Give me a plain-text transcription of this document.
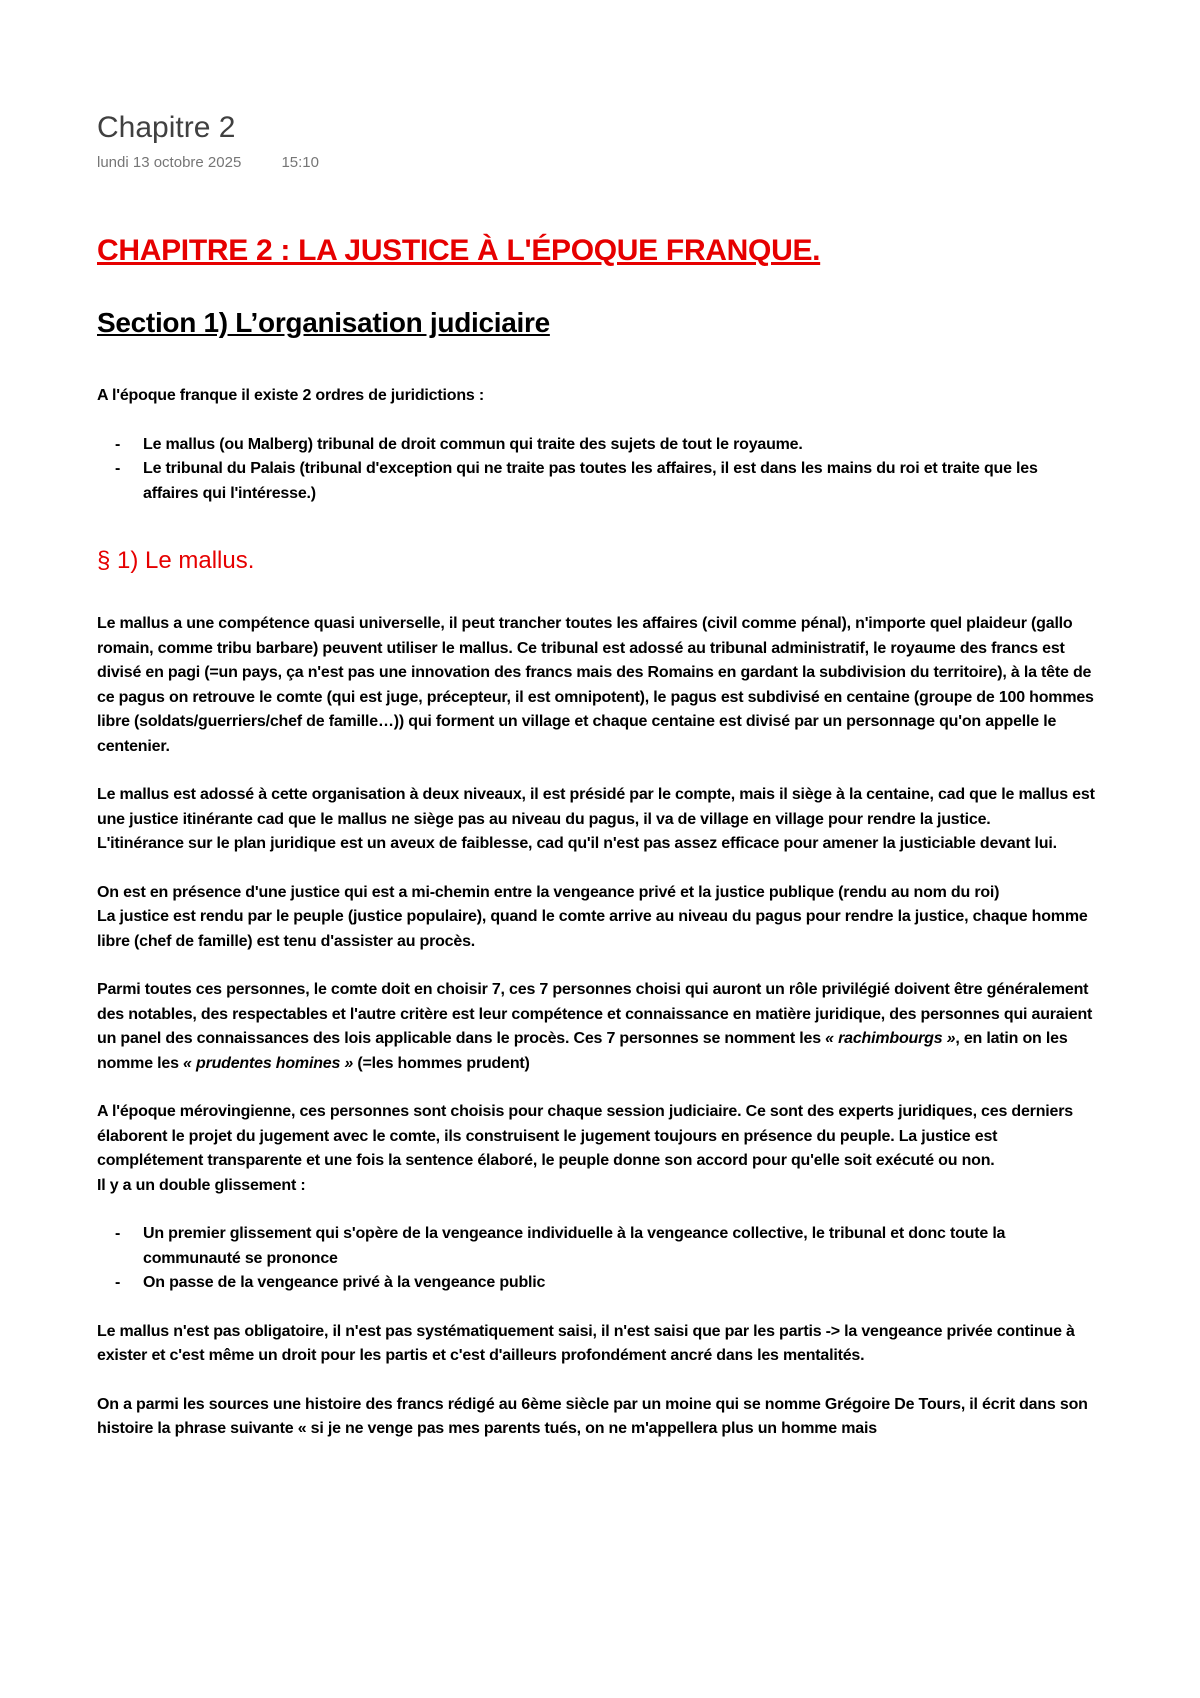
Chapitre 2
lundi 13 octobre 2025	15:10
CHAPITRE 2 : LA JUSTICE À L'ÉPOQUE FRANQUE.
Section 1) L’organisation judiciaire

A l'époque franque il existe 2 ordres de juridictions :

- Le mallus (ou Malberg) tribunal de droit commun qui traite des sujets de tout le royaume.
- Le tribunal du Palais (tribunal d'exception qui ne traite pas toutes les affaires, il est dans les mains du roi et traite que les affaires qui l'intéresse.)
§ 1) Le mallus.

Le mallus a une compétence quasi universelle, il peut trancher toutes les affaires (civil comme pénal), n'importe quel plaideur (gallo romain, comme tribu barbare) peuvent utiliser le mallus. Ce tribunal est adossé au tribunal administratif, le royaume des francs est divisé en pagi (=un pays, ça n'est pas une innovation des francs mais des Romains en gardant la subdivision du territoire), à la tête de ce pagus on retrouve le comte (qui est juge, précepteur, il est omnipotent), le pagus est subdivisé en centaine (groupe de 100 hommes libre (soldats/guerriers/chef de famille…)) qui forment un village et chaque centaine est divisé par un personnage qu'on appelle le centenier.

Le mallus est adossé à cette organisation à deux niveaux, il est présidé par le compte, mais il siège à la centaine, cad que le mallus est une justice itinérante cad que le mallus ne siège pas au niveau du pagus, il va de village en village pour rendre la justice.

L'itinérance sur le plan juridique est un aveux de faiblesse, cad qu'il n'est pas assez efficace pour amener la justiciable devant lui.

On est en présence d'une justice qui est a mi-chemin entre la vengeance privé et la justice publique (rendu au nom du roi)

La justice est rendu par le peuple (justice populaire), quand le comte arrive au niveau du pagus pour rendre la justice, chaque homme libre (chef de famille) est tenu d'assister au procès.

Parmi toutes ces personnes, le comte doit en choisir 7, ces 7 personnes choisi qui auront un rôle privilégié doivent être généralement des notables, des respectables et l'autre critère est leur compétence et connaissance en matière juridique, des personnes qui auraient un panel des connaissances des lois applicable dans le procès. Ces 7 personnes se nomment les « rachimbourgs », en latin on les nomme les « prudentes homines » (=les hommes prudent)

A l'époque mérovingienne, ces personnes sont choisis pour chaque session judiciaire. Ce sont des experts juridiques, ces derniers élaborent le projet du jugement avec le comte, ils construisent le jugement toujours en présence du peuple. La justice est complétement transparente et une fois la sentence élaboré, le peuple donne son accord pour qu'elle soit exécuté ou non.

Il y a un double glissement :

- Un premier glissement qui s'opère de la vengeance individuelle à la vengeance collective, le tribunal et donc toute la communauté se prononce
- On passe de la vengeance privé à la vengeance public

Le mallus n'est pas obligatoire, il n'est pas systématiquement saisi, il n'est saisi que par les partis -> la vengeance privée continue à exister et c'est même un droit pour les partis et c'est d'ailleurs profondément ancré dans les mentalités.

On a parmi les sources une histoire des francs rédigé au 6ème siècle par un moine qui se nomme Grégoire De Tours, il écrit dans son histoire la phrase suivante « si je ne venge pas mes parents tués, on ne m'appellera plus un homme mais
